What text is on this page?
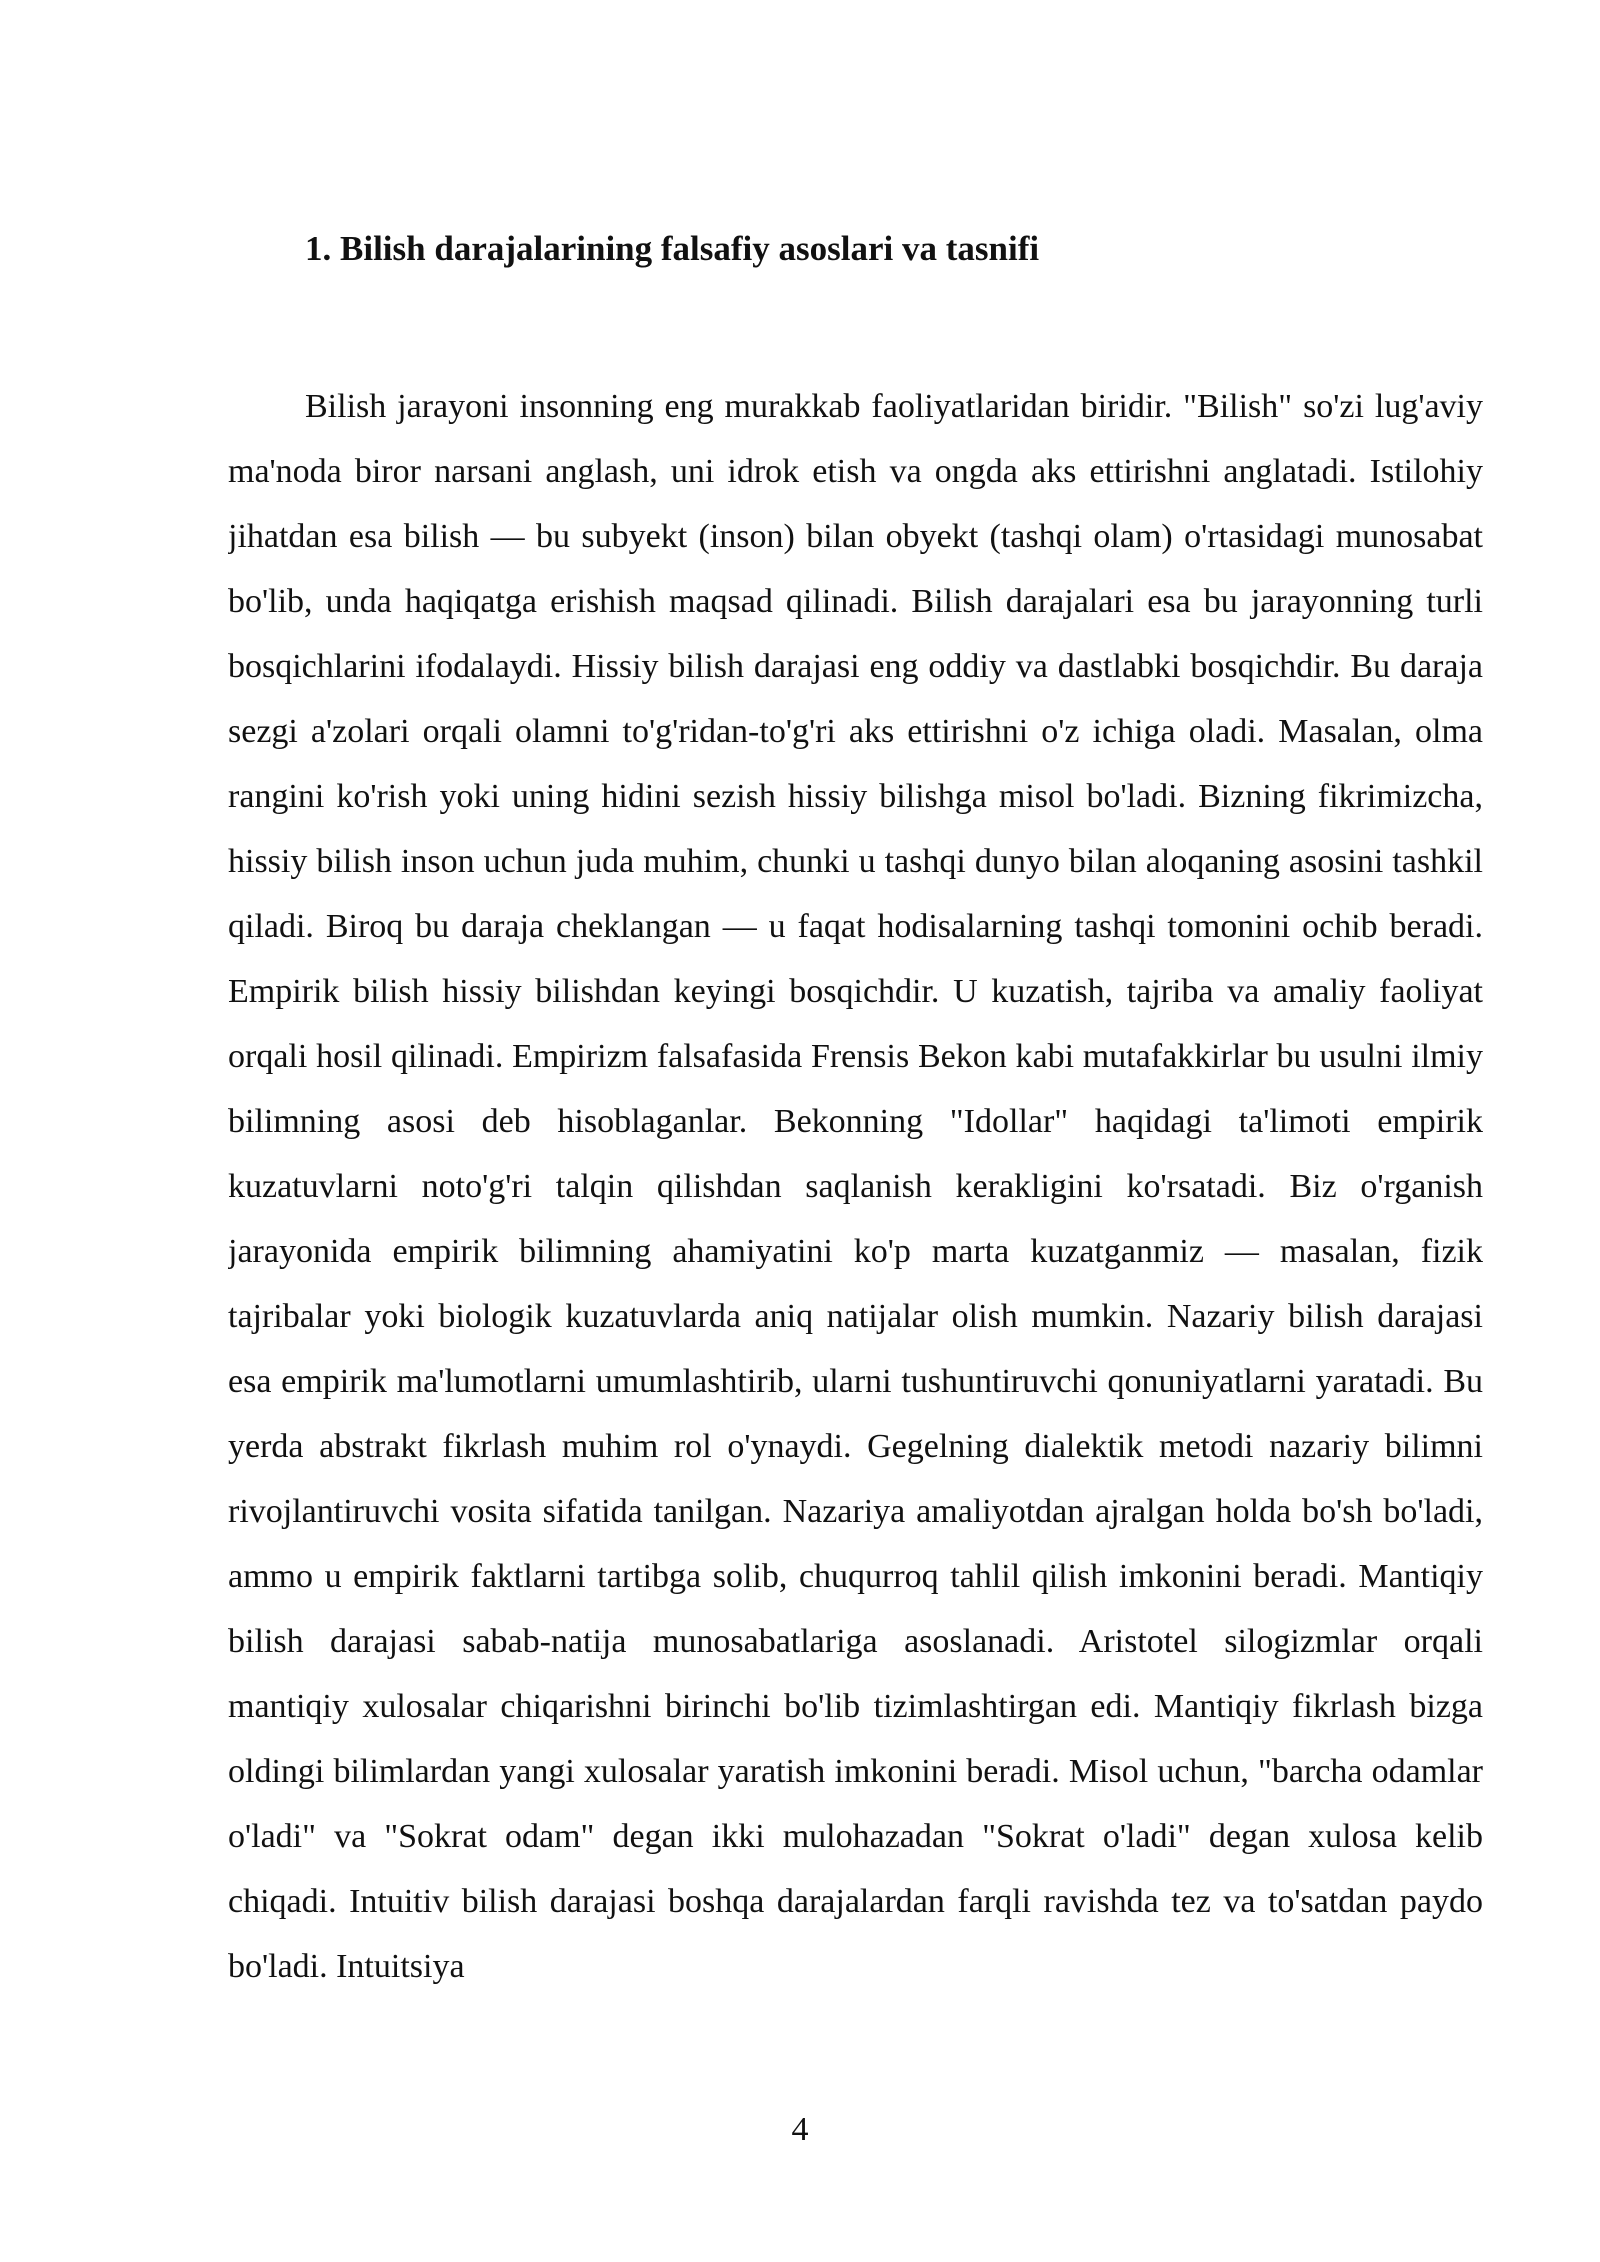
1. Bilish darajalarining falsafiy asoslari va tasnifi

Bilish jarayoni insonning eng murakkab faoliyatlaridan biridir. "Bilish" so'zi lug'aviy ma'noda biror narsani anglash, uni idrok etish va ongda aks ettirishni anglatadi. Istilohiy jihatdan esa bilish — bu subyekt (inson) bilan obyekt (tashqi olam) o'rtasidagi munosabat bo'lib, unda haqiqatga erishish maqsad qilinadi. Bilish darajalari esa bu jarayonning turli bosqichlarini ifodalaydi. Hissiy bilish darajasi eng oddiy va dastlabki bosqichdir. Bu daraja sezgi a'zolari orqali olamni to'g'ridan-to'g'ri aks ettirishni o'z ichiga oladi. Masalan, olma rangini ko'rish yoki uning hidini sezish hissiy bilishga misol bo'ladi. Bizning fikrimizcha, hissiy bilish inson uchun juda muhim, chunki u tashqi dunyo bilan aloqaning asosini tashkil qiladi. Biroq bu daraja cheklangan — u faqat hodisalarning tashqi tomonini ochib beradi. Empirik bilish hissiy bilishdan keyingi bosqichdir. U kuzatish, tajriba va amaliy faoliyat orqali hosil qilinadi. Empirizm falsafasida Frensis Bekon kabi mutafakkirlar bu usulni ilmiy bilimning asosi deb hisoblaganlar. Bekonning "Idollar" haqidagi ta'limoti empirik kuzatuvlarni noto'g'ri talqin qilishdan saqlanish kerakligini ko'rsatadi. Biz o'rganish jarayonida empirik bilimning ahamiyatini ko'p marta kuzatganmiz — masalan, fizik tajribalar yoki biologik kuzatuvlarda aniq natijalar olish mumkin. Nazariy bilish darajasi esa empirik ma'lumotlarni umumlashtirib, ularni tushuntiruvchi qonuniyatlarni yaratadi. Bu yerda abstrakt fikrlash muhim rol o'ynaydi. Gegelning dialektik metodi nazariy bilimni rivojlantiruvchi vosita sifatida tanilgan. Nazariya amaliyotdan ajralgan holda bo'sh bo'ladi, ammo u empirik faktlarni tartibga solib, chuqurroq tahlil qilish imkonini beradi. Mantiqiy bilish darajasi sabab-natija munosabatlariga asoslanadi. Aristotel silogizmlar orqali mantiqiy xulosalar chiqarishni birinchi bo'lib tizimlashtirgan edi. Mantiqiy fikrlash bizga oldingi bilimlardan yangi xulosalar yaratish imkonini beradi. Misol uchun, "barcha odamlar o'ladi" va "Sokrat odam" degan ikki mulohazadan "Sokrat o'ladi" degan xulosa kelib chiqadi. Intuitiv bilish darajasi boshqa darajalardan farqli ravishda tez va to'satdan paydo bo'ladi. Intuitsiya

4
